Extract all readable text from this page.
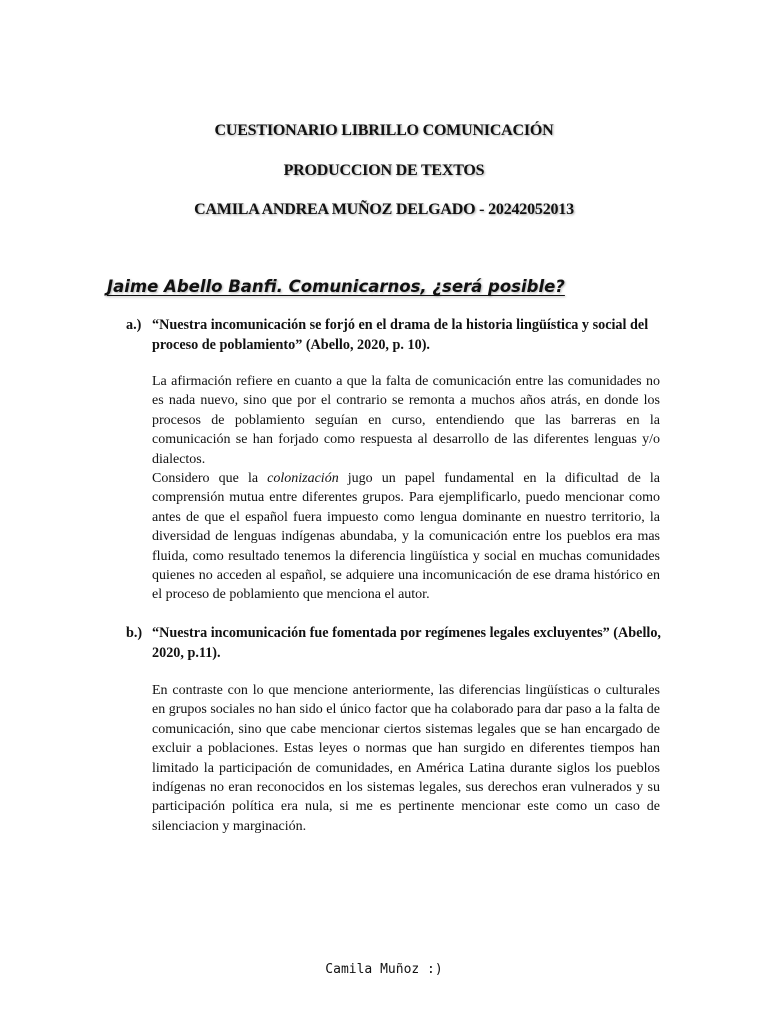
CUESTIONARIO LIBRILLO COMUNICACIÓN
PRODUCCION DE TEXTOS
CAMILA ANDREA MUÑOZ DELGADO - 20242052013
Jaime Abello Banfi. Comunicarnos, ¿será posible?
a.) “Nuestra incomunicación se forjó en el drama de la historia lingüística y social del proceso de poblamiento” (Abello, 2020, p. 10).

La afirmación refiere en cuanto a que la falta de comunicación entre las comunidades no es nada nuevo, sino que por el contrario se remonta a muchos años atrás, en donde los procesos de poblamiento seguían en curso, entendiendo que las barreras en la comunicación se han forjado como respuesta al desarrollo de las diferentes lenguas y/o dialectos.

Considero que la colonización jugo un papel fundamental en la dificultad de la comprensión mutua entre diferentes grupos. Para ejemplificarlo, puedo mencionar como antes de que el español fuera impuesto como lengua dominante en nuestro territorio, la diversidad de lenguas indígenas abundaba, y la comunicación entre los pueblos era mas fluida, como resultado tenemos la diferencia lingüística y social en muchas comunidades quienes no acceden al español, se adquiere una incomunicación de ese drama histórico en el proceso de poblamiento que menciona el autor.

b.) “Nuestra incomunicación fue fomentada por regímenes legales excluyentes” (Abello, 2020, p.11).

En contraste con lo que mencione anteriormente, las diferencias lingüísticas o culturales en grupos sociales no han sido el único factor que ha colaborado para dar paso a la falta de comunicación, sino que cabe mencionar ciertos sistemas legales que se han encargado de excluir a poblaciones. Estas leyes o normas que han surgido en diferentes tiempos han limitado la participación de comunidades, en América Latina durante siglos los pueblos indígenas no eran reconocidos en los sistemas legales, sus derechos eran vulnerados y su participación política era nula, si me es pertinente mencionar este como un caso de silenciacion y marginación.

Camila Muñoz :)
